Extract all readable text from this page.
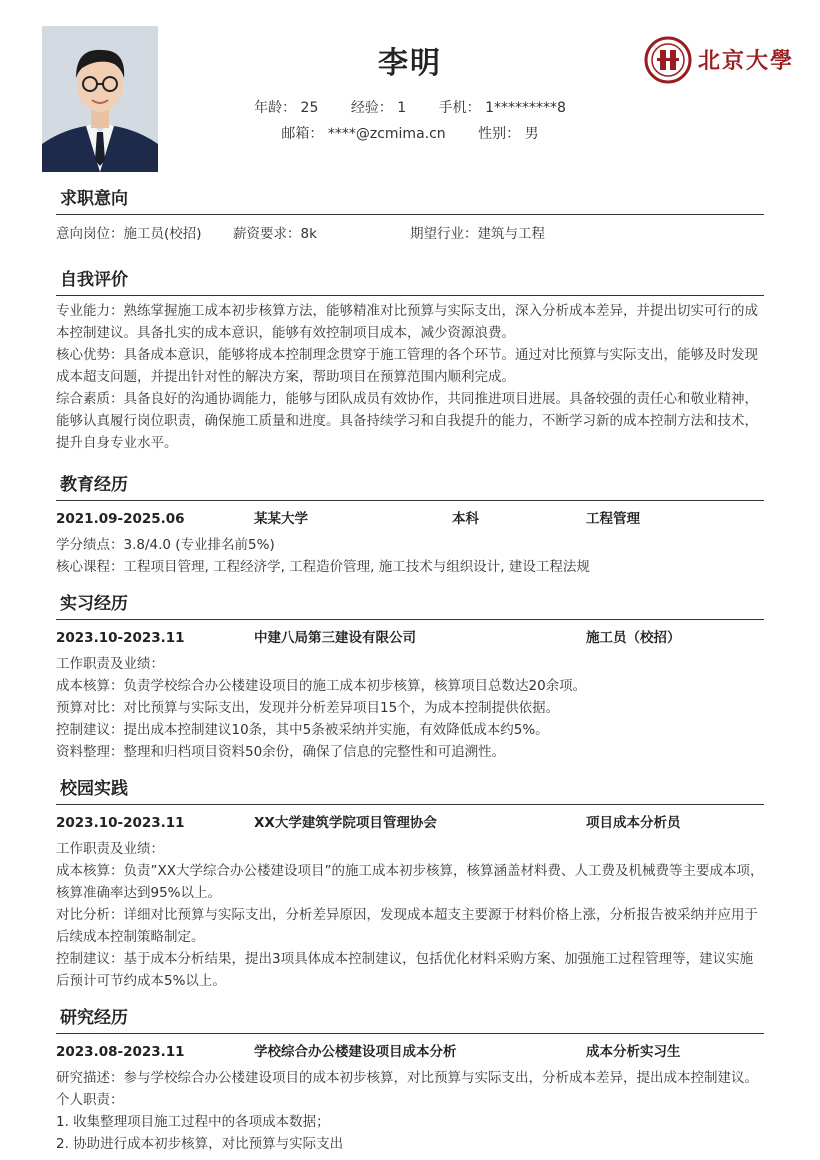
李明
年龄： 25 经验： 1 手机： 1*********8
邮箱： ****@zcmima.cn 性别： 男
北京大學
求职意向
意向岗位：施工员(校招) 薪资要求：8k	期望行业：建筑与工程
自我评价

专业能力：熟练掌握施工成本初步核算方法，能够精准对比预算与实际支出，深入分析成本差异，并提出切实可行的成本控制建议。具备扎实的成本意识，能够有效控制项目成本，减少资源浪费。

核心优势：具备成本意识，能够将成本控制理念贯穿于施工管理的各个环节。通过对比预算与实际支出，能够及时发现成本超支问题，并提出针对性的解决方案，帮助项目在预算范围内顺利完成。

综合素质：具备良好的沟通协调能力，能够与团队成员有效协作，共同推进项目进展。具备较强的责任心和敬业精神，能够认真履行岗位职责，确保施工质量和进度。具备持续学习和自我提升的能力，不断学习新的成本控制方法和技术，提升自身专业水平。

教育经历
2021.09-2025.06	某某大学	本科	工程管理

学分绩点：3.8/4.0 (专业排名前5%)

核心课程：工程项目管理, 工程经济学, 工程造价管理, 施工技术与组织设计, 建设工程法规

实习经历
2023.10-2023.11	中建八局第三建设有限公司	施工员（校招）

工作职责及业绩：

成本核算：负责学校综合办公楼建设项目的施工成本初步核算，核算项目总数达20余项。

预算对比：对比预算与实际支出，发现并分析差异项目15个，为成本控制提供依据。

控制建议：提出成本控制建议10条，其中5条被采纳并实施，有效降低成本约5%。

资料整理：整理和归档项目资料50余份，确保了信息的完整性和可追溯性。

校园实践
2023.10-2023.11	XX大学建筑学院项目管理协会	项目成本分析员

工作职责及业绩：

成本核算：负责”XX大学综合办公楼建设项目”的施工成本初步核算，核算涵盖材料费、人工费及机械费等主要成本项，核算准确率达到95%以上。

对比分析：详细对比预算与实际支出，分析差异原因，发现成本超支主要源于材料价格上涨，分析报告被采纳并应用于后续成本控制策略制定。

控制建议：基于成本分析结果，提出3项具体成本控制建议，包括优化材料采购方案、加强施工过程管理等，建议实施后预计可节约成本5%以上。

研究经历
2023.08-2023.11	学校综合办公楼建设项目成本分析	成本分析实习生

研究描述：参与学校综合办公楼建设项目的成本初步核算，对比预算与实际支出，分析成本差异，提出成本控制建议。

个人职责：

1. 收集整理项目施工过程中的各项成本数据；

2. 协助进行成本初步核算，对比预算与实际支出
